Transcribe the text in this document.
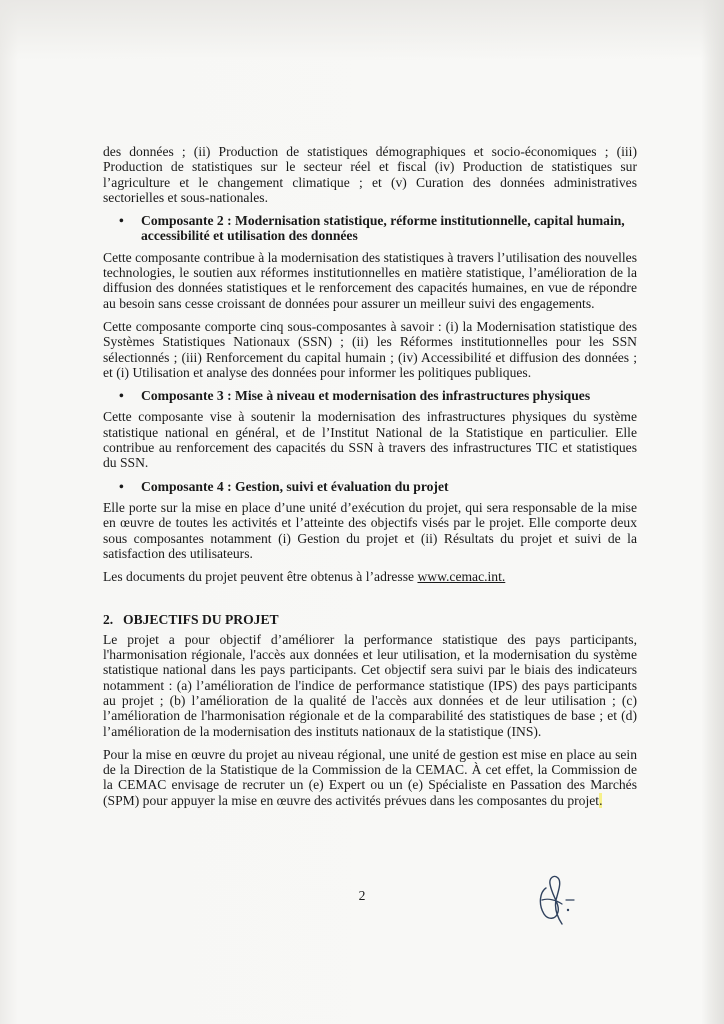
des données ; (ii) Production de statistiques démographiques et socio-économiques ; (iii) Production de statistiques sur le secteur réel et fiscal (iv) Production de statistiques sur l’agriculture et le changement climatique ; et (v) Curation des données administratives sectorielles et sous-nationales.

•	Composante 2 : Modernisation statistique, réforme institutionnelle, capital humain, accessibilité et utilisation des données

Cette composante contribue à la modernisation des statistiques à travers l’utilisation des nouvelles technologies, le soutien aux réformes institutionnelles en matière statistique, l’amélioration de la diffusion des données statistiques et le renforcement des capacités humaines, en vue de répondre au besoin sans cesse croissant de données pour assurer un meilleur suivi des engagements.

Cette composante comporte cinq sous-composantes à savoir : (i) la Modernisation statistique des Systèmes Statistiques Nationaux (SSN) ; (ii) les Réformes institutionnelles pour les SSN sélectionnés ; (iii) Renforcement du capital humain ; (iv) Accessibilité et diffusion des données ; et (i) Utilisation et analyse des données pour informer les politiques publiques.

•	Composante 3 : Mise à niveau et modernisation des infrastructures physiques

Cette composante vise à soutenir la modernisation des infrastructures physiques du système statistique national en général, et de l’Institut National de la Statistique en particulier. Elle contribue au renforcement des capacités du SSN à travers des infrastructures TIC et statistiques du SSN.

•	Composante 4 : Gestion, suivi et évaluation du projet

Elle porte sur la mise en place d’une unité d’exécution du projet, qui sera responsable de la mise en œuvre de toutes les activités et l’atteinte des objectifs visés par le projet. Elle comporte deux sous composantes notamment (i) Gestion du projet et (ii) Résultats du projet et suivi de la satisfaction des utilisateurs.

Les documents du projet peuvent être obtenus à l’adresse www.cemac.int.

2. OBJECTIFS DU PROJET

Le projet a pour objectif d’améliorer la performance statistique des pays participants, l'harmonisation régionale, l'accès aux données et leur utilisation, et la modernisation du système statistique national dans les pays participants. Cet objectif sera suivi par le biais des indicateurs notamment : (a) l’amélioration de l'indice de performance statistique (IPS) des pays participants au projet ; (b) l’amélioration de la qualité de l'accès aux données et de leur utilisation ; (c) l’amélioration de l'harmonisation régionale et de la comparabilité des statistiques de base ; et (d) l’amélioration de la modernisation des instituts nationaux de la statistique (INS).

Pour la mise en œuvre du projet au niveau régional, une unité de gestion est mise en place au sein de la Direction de la Statistique de la Commission de la CEMAC. À cet effet, la Commission de la CEMAC envisage de recruter un (e) Expert ou un (e) Spécialiste en Passation des Marchés (SPM) pour appuyer la mise en œuvre des activités prévues dans les composantes du projet.

2
